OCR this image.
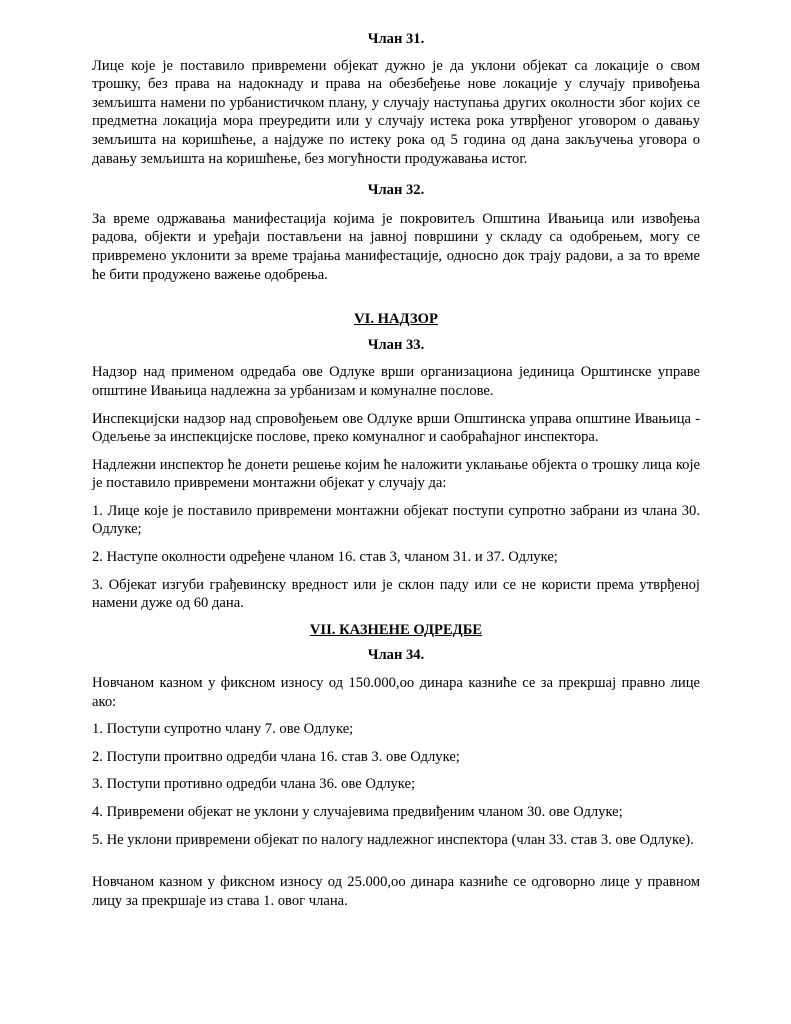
Члан 31.

Лице које је поставило привремени објекат дужно је да уклони објекат са локације о свом трошку, без права на надокнаду и права на обезбеђење нове локације у случају привођења земљишта намени по урбанистичком плану, у случају наступања других околности због којих се предметна локација мора преуредити или у случају истека рока утврђеног уговором о давању земљишта на коришћење, а најдуже по истеку рока од 5 година од дана закључења уговора о давању земљишта на коришћење, без могућности продужавања истог.

Члан 32.

За време одржавања манифестација којима је покровитељ Општина Ивањица или извођења радова, објекти и уређаји постављени на јавној површини у складу са одобрењем, могу се привремено уклонити за време трајања манифестације, односно док трају радови, а за то време ће бити продужено важење одобрења.

VI. НАДЗОР

Члан 33.

Надзор над применом одредаба ове Одлуке врши организациона јединица Орштинске управе општине Ивањица надлежна за урбанизам и комуналне послове.

Инспекцијски надзор над спровођењем ове Одлуке врши Општинска управа општине Ивањица - Одељење за инспекцијске послове, преко комуналног и саобраћајног инспектора.

Надлежни инспектор ће донети решење којим ће наложити уклањање објекта о трошку лица које је поставило привремени монтажни објекат у случају да:

1. Лице које је поставило привремени монтажни објекат поступи супротно забрани из члана 30. Одлуке;

2. Наступе околности одређене чланом 16. став 3, чланом 31. и 37. Одлуке;

3. Објекат изгуби грађевинску вредност или је склон паду или се не користи према утврђеној намени дуже од 60 дана.

VII. КАЗНЕНЕ ОДРЕДБЕ

Члан 34.

Новчаном казном у фиксном износу од 150.000,оо динара казниће се за прекршај правно лице ако:

1. Поступи супротно члану 7. ове Одлуке;

2. Поступи проитвно одредби члана 16. став 3. ове Одлуке;

3. Поступи противно одредби члана 36. ове Одлуке;

4. Привремени објекат не уклони у случајевима предвиђеним чланом 30. ове Одлуке;

5. Не уклони привремени објекат по налогу надлежног инспектора (члан 33. став 3. ове Одлуке).

Новчаном казном у фиксном износу од 25.000,оо динара казниће се одговорно лице у правном лицу за прекршаје из става 1. овог члана.
